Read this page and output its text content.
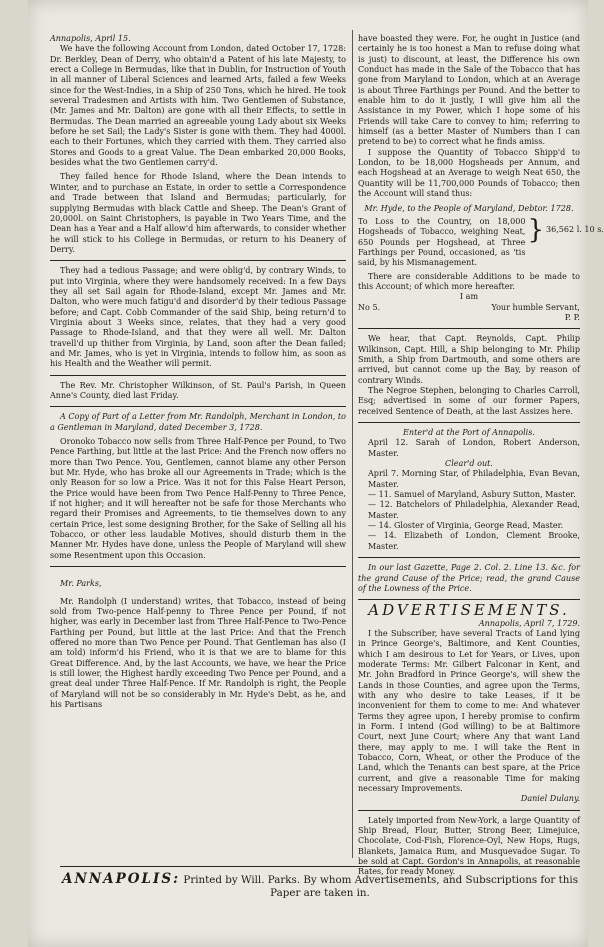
Annapolis, April 15.

We have the following Account from London, dated October 17, 1728: Dr. Berkley, Dean of Derry, who obtain'd a Patent of his late Majesty, to erect a College in Bermudas, like that in Dublin, for Instruction of Youth in all manner of Liberal Sciences and learned Arts, failed a few Weeks since for the West-Indies, in a Ship of 250 Tons, which he hired. He took several Tradesmen and Artists with him. Two Gentlemen of Substance, (Mr. James and Mr. Dalton) are gone with all their Effects, to settle in Bermudas. The Dean married an agreeable young Lady about six Weeks before he set Sail; the Lady's Sister is gone with them. They had 4000l. each to their Fortunes, which they carried with them. They carried also Stores and Goods to a great Value. The Dean embarked 20,000 Books, besides what the two Gentlemen carry'd.

They failed hence for Rhode Island, where the Dean intends to Winter, and to purchase an Estate, in order to settle a Correspondence and Trade between that Island and Bermudas; particularly, for supplying Bermudas with black Cattle and Sheep. The Dean's Grant of 20,000l. on Saint Christophers, is payable in Two Years Time, and the Dean has a Year and a Half allow'd him afterwards, to consider whether he will stick to his College in Bermudas, or return to his Deanery of Derry.

They had a tedious Passage; and were oblig'd, by contrary Winds, to put into Virginia, where they were handsomely received: In a few Days they all set Sail again for Rhode-Island, except Mr. James and Mr. Dalton, who were much fatigu'd and disorder'd by their tedious Passage before; and Capt. Cobb Commander of the said Ship, being return'd to Virginia about 3 Weeks since, relates, that they had a very good Passage to Rhode-Island, and that they were all well. Mr. Dalton travell'd up thither from Virginia, by Land, soon after the Dean failed; and Mr. James, who is yet in Virginia, intends to follow him, as soon as his Health and the Weather will permit.

The Rev. Mr. Christopher Wilkinson, of St. Paul's Parish, in Queen Anne's County, died last Friday.

A Copy of Part of a Letter from Mr. Randolph, Merchant in London, to a Gentleman in Maryland, dated December 3, 1728.

Oronoko Tobacco now sells from Three Half-Pence per Pound, to Two Pence Farthing, but little at the last Price: And the French now offers no more than Two Pence. You, Gentlemen, cannot blame any other Person but Mr. Hyde, who has broke all our Agreements in Trade; which is the only Reason for so low a Price. Was it not for this False Heart Person, the Price would have been from Two Pence Half-Penny to Three Pence, if not higher; and it will hereafter not be safe for those Merchants who regard their Promises and Agreements, to tie themselves down to any certain Price, lest some designing Brother, for the Sake of Selling all his Tobacco, or other less laudable Motives, should disturb them in the Manner Mr. Hydes have done, unless the People of Maryland will shew some Resentment upon this Occasion.

Mr. Parks,

Mr. Randolph (I understand) writes, that Tobacco, instead of being sold from Two-pence Half-penny to Three Pence per Pound, if not higher, was early in December last from Three Half-Pence to Two-Pence Farthing per Pound, but little at the last Price: And that the French offered no more than Two Pence per Pound. That Gentleman has also (I am told) inform'd his Friend, who it is that we are to blame for this Great Difference. And, by the last Accounts, we have, we hear the Price is still lower, the Highest hardly exceeding Two Pence per Pound, and a great deal under Three Half-Pence. If Mr. Randolph is right, the People of Maryland will not be so considerably in Mr. Hyde's Debt, as he, and his Partisans

have boasted they were. For, he ought in Justice (and certainly he is too honest a Man to refuse doing what is just) to discount, at least, the Difference his own Conduct has made in the Sale of the Tobacco that has gone from Maryland to London, which at an Average is about Three Farthings per Pound. And the better to enable him to do it justly, I will give him all the Assistance in my Power, which I hope some of his Friends will take Care to convey to him; referring to himself (as a better Master of Numbers than I can pretend to be) to correct what he finds amiss.

I suppose the Quantity of Tobacco Shipp'd to London, to be 18,000 Hogsheads per Annum, and each Hogshead at an Average to weigh Neat 650, the Quantity will be 11,700,000 Pounds of Tobacco; then the Account will stand thus:

Mr. Hyde, to the People of Maryland, Debtor. 1728.

To Loss to the Country, on 18,000 Hogsheads of Tobacco, weighing Neat, 650 Pounds per Hogshead, at Three Farthings per Pound, occasioned, as 'tis said, by his Mismanagement.
} 36,562 l. 10 s.

There are considerable Additions to be made to this Account; of which more hereafter.

I am

No 5.	Your humble Servant,

P. P.

We hear, that Capt. Reynolds, Capt. Philip Wilkinson, Capt. Hill, a Ship belonging to Mr. Philip Smith, a Ship from Dartmouth, and some others are arrived, but cannot come up the Bay, by reason of contrary Winds.

The Negroe Stephen, belonging to Charles Carroll, Esq; advertised in some of our former Papers, received Sentence of Death, at the last Assizes here.

Enter'd at the Port of Annapolis.

April 12. Sarah of London, Robert Anderson, Master.

Clear'd out.

April 7. Morning Star, of Philadelphia, Evan Bevan, Master.

— 11. Samuel of Maryland, Asbury Sutton, Master.

— 12. Batchelors of Philadelphia, Alexander Read, Master.

— 14. Gloster of Virginia, George Read, Master.

— 14. Elizabeth of London, Clement Brooke, Master.

In our last Gazette, Page 2. Col. 2. Line 13. &c. for the grand Cause of the Price; read, the grand Cause of the Lowness of the Price.

ADVERTISEMENTS.

Annapolis, April 7, 1729.

I the Subscriber, have several Tracts of Land lying in Prince George's, Baltimore, and Kent Counties, which I am desirous to Let for Years, or Lives, upon moderate Terms: Mr. Gilbert Falconar in Kent, and Mr. John Bradford in Prince George's, will shew the Lands in those Counties, and agree upon the Terms, with any who desire to take Leases, if it be inconvenient for them to come to me: And whatever Terms they agree upon, I hereby promise to confirm in Form. I intend (God willing) to be at Baltimore Court, next June Court; where Any that want Land there, may apply to me. I will take the Rent in Tobacco, Corn, Wheat, or other the Produce of the Land, which the Tenants can best spare, at the Price current, and give a reasonable Time for making necessary Improvements.

Daniel Dulany.

Lately imported from New-York, a large Quantity of Ship Bread, Flour, Butter, Strong Beer, Limejuice, Chocolate, Cod-Fish, Florence-Oyl, New Hops, Rugs, Blankets, Jamaica Rum, and Musquevadoe Sugar. To be sold at Capt. Gordon's in Annapolis, at reasonable Rates, for ready Money.

ANNAPOLIS: Printed by Will. Parks. By whom Advertisements, and Subscriptions for this Paper are taken in.
